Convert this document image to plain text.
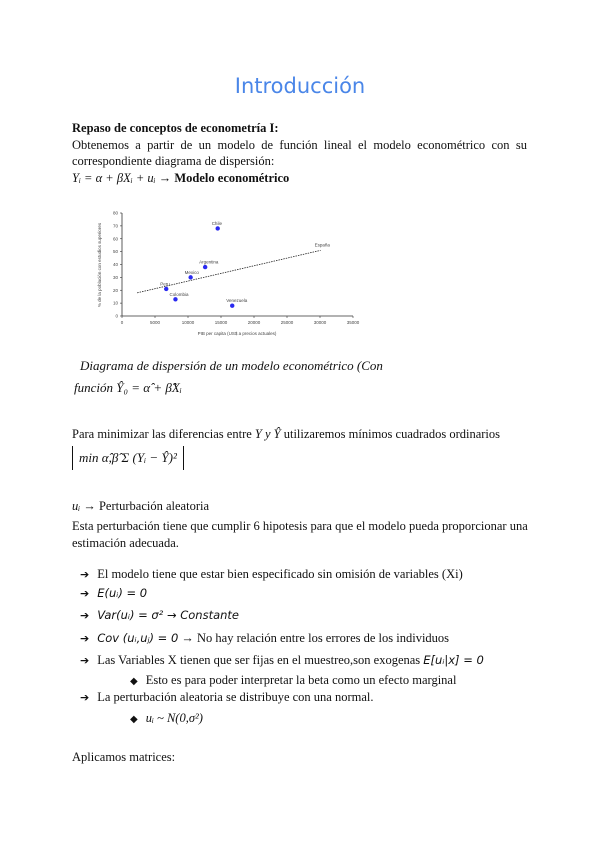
Introducción
Repaso de conceptos de econometría I:
Obtenemos a partir de un modelo de función lineal el modelo econométrico con su
correspondiente diagrama de dispersión:
Yᵢ = α + βXᵢ + uᵢ → Modelo econométrico
0	5000	10000	15000	20000	25000	30000	35000
0
10
20
30
40
50
60
70
80
España
Chile
Argentina
Mexico
Peru
Colombia
Venezuela
% de la población con estudios superiores
PIB per capita (US$ a precios actuales)
Diagrama de dispersión de un modelo econométrico (Con
función Ŷ₀ = α̂ + β̂Xᵢ
Para minimizar las diferencias entre Y y Ŷ utilizaremos mínimos cuadrados ordinarios
min α̂,β̂ Σ (Yᵢ − Ŷ)²
uᵢ → Perturbación aleatoria
Esta perturbación tiene que cumplir 6 hipotesis para que el modelo pueda proporcionar una
estimación adecuada.
➔ El modelo tiene que estar bien especificado sin omisión de variables (Xi)
➔ E(uᵢ) = 0
➔ Var(uᵢ) = σ² → Constante
➔ Cov (uᵢ,uⱼ) = 0 → No hay relación entre los errores de los individuos
➔ Las Variables X tienen que ser fijas en el muestreo,son exogenas E[uᵢ|x] = 0
◆ Esto es para poder interpretar la beta como un efecto marginal
➔ La perturbación aleatoria se distribuye con una normal.
◆ uᵢ ~ N(0,σ²)
Aplicamos matrices:
